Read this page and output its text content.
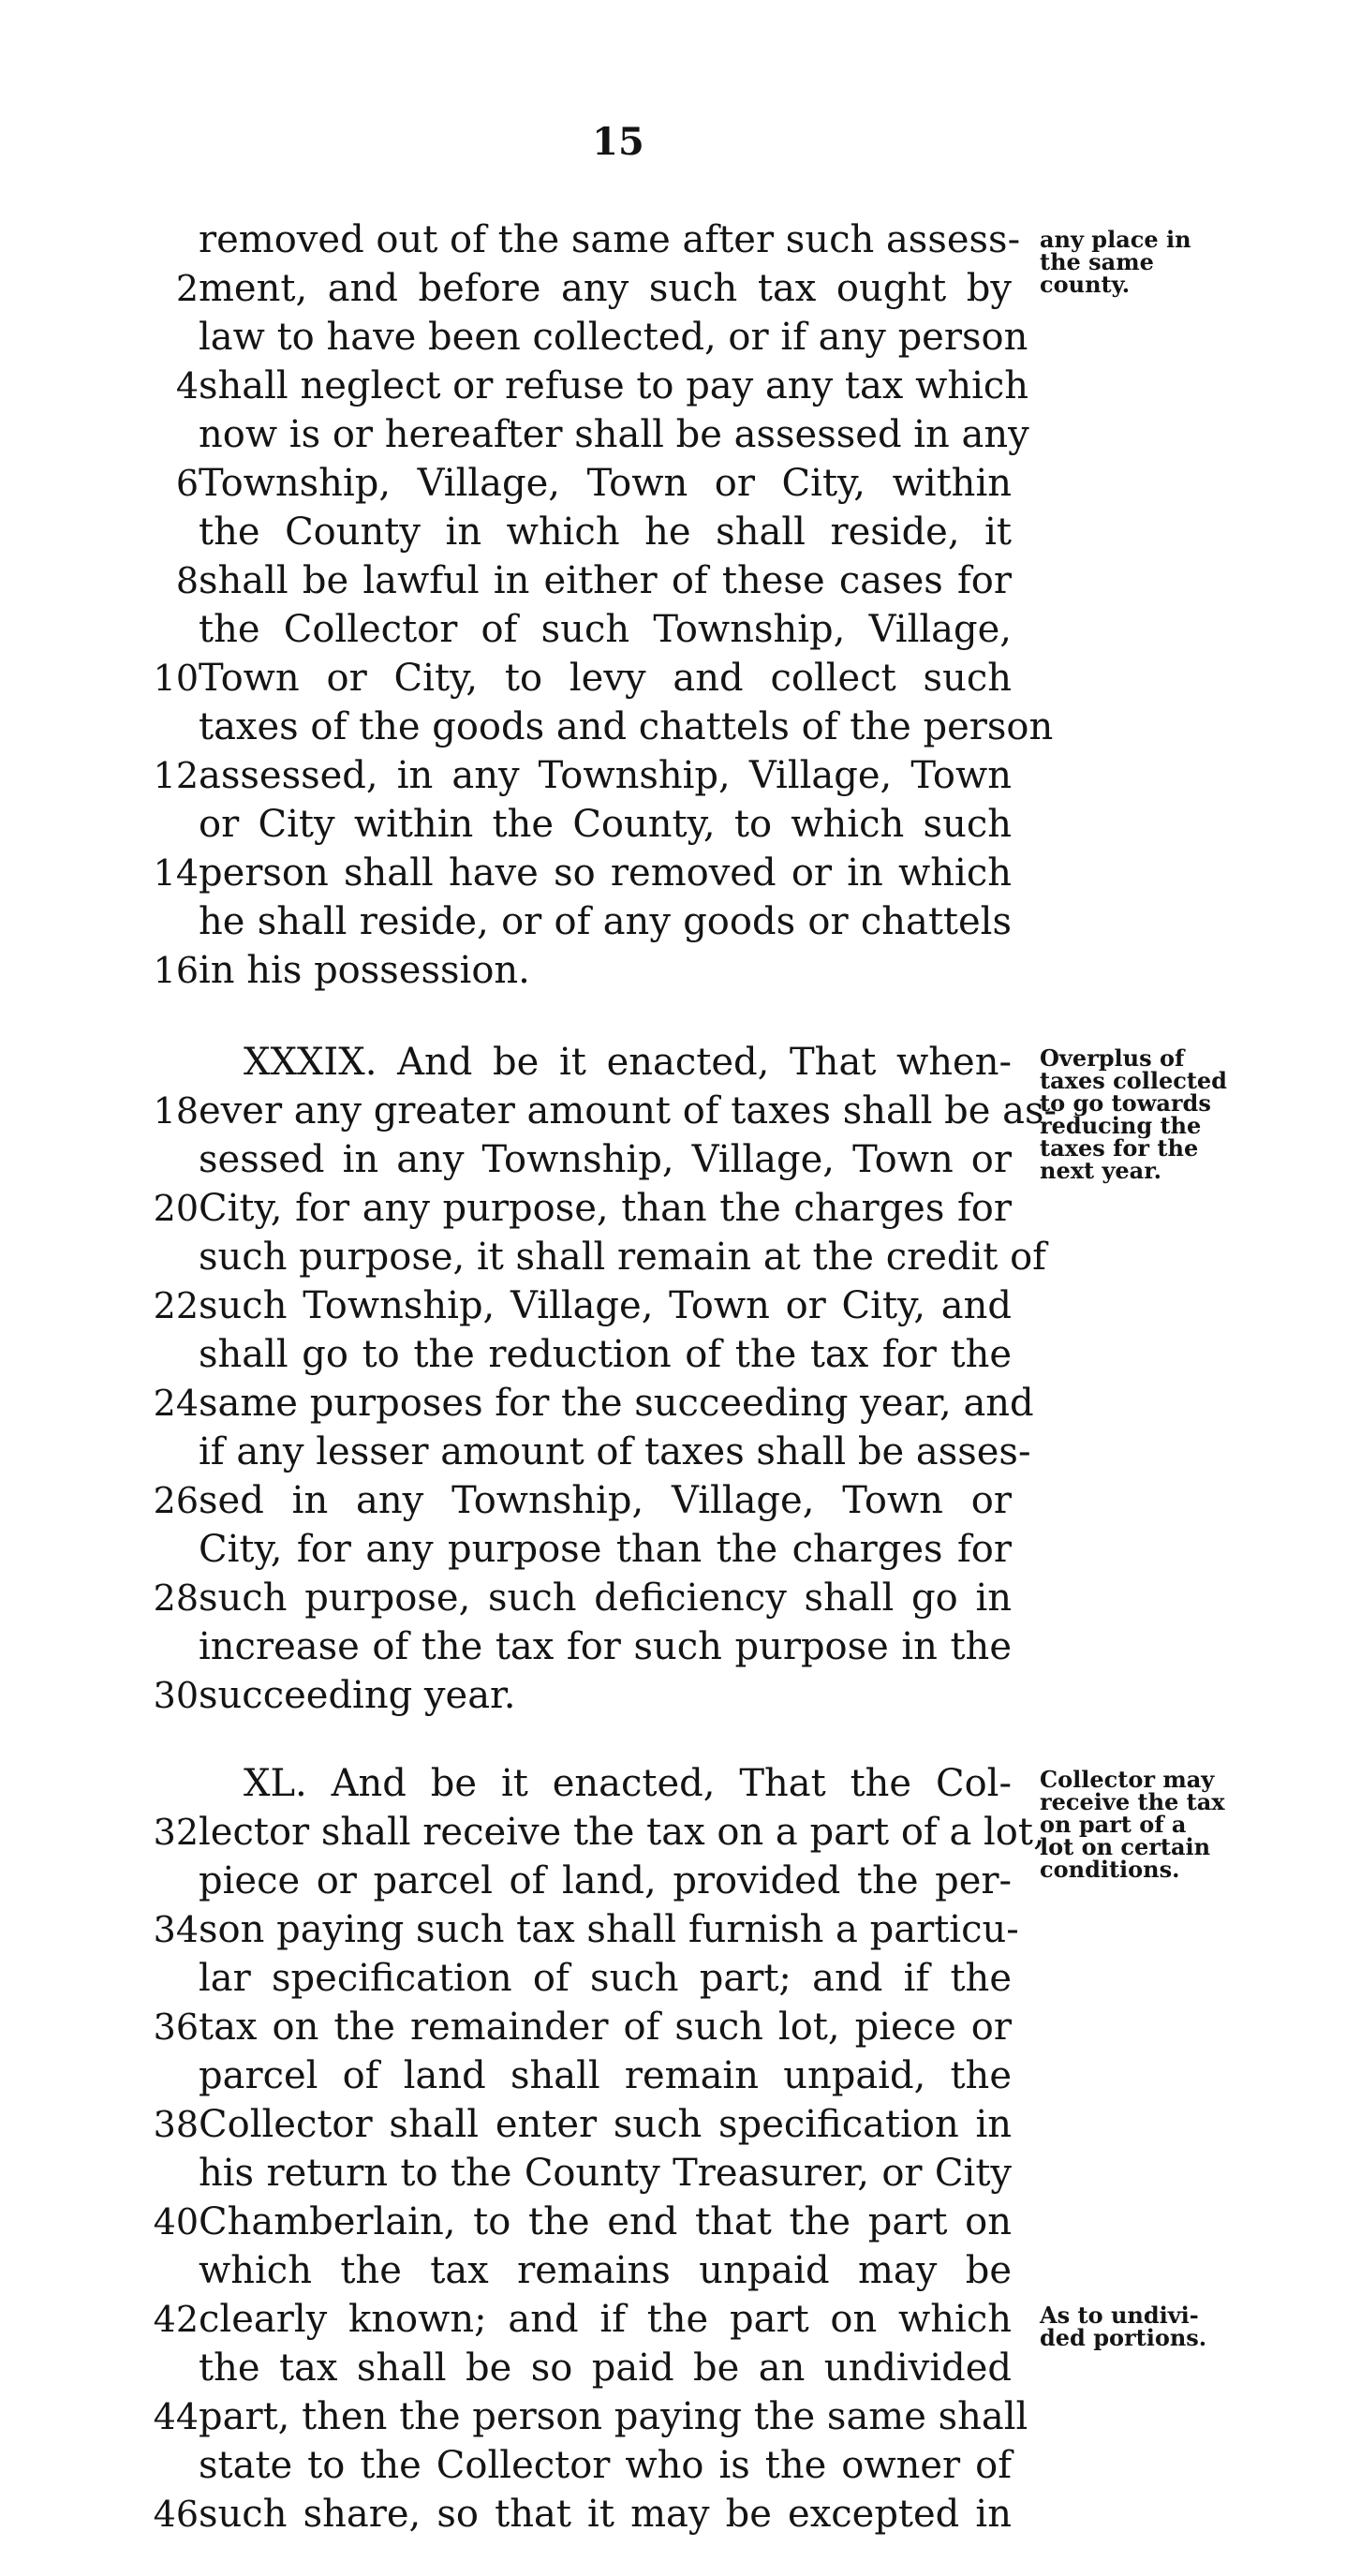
15
removed out of the same after such assess-
2 ment, and before any such tax ought by
law to have been collected, or if any person
4 shall neglect or refuse to pay any tax which
now is or hereafter shall be assessed in any
6 Township, Village, Town or City, within
the County in which he shall reside, it
8 shall be lawful in either of these cases for
the Collector of such Township, Village,
10 Town or City, to levy and collect such
taxes of the goods and chattels of the person
12 assessed, in any Township, Village, Town
or City within the County, to which such
14 person shall have so removed or in which
he shall reside, or of any goods or chattels
16 in his possession.
any place in
the same
county.
XXXIX. And be it enacted, That when-
18 ever any greater amount of taxes shall be as-
sessed in any Township, Village, Town or
20 City, for any purpose, than the charges for
such purpose, it shall remain at the credit of
22 such Township, Village, Town or City, and
shall go to the reduction of the tax for the
24 same purposes for the succeeding year, and
if any lesser amount of taxes shall be asses-
26 sed in any Township, Village, Town or
City, for any purpose than the charges for
28 such purpose, such deficiency shall go in
increase of the tax for such purpose in the
30 succeeding year.
Overplus of
taxes collected
to go towards
reducing the
taxes for the
next year.
XL. And be it enacted, That the Col-
32 lector shall receive the tax on a part of a lot,
piece or parcel of land, provided the per-
34 son paying such tax shall furnish a particu-
lar specification of such part; and if the
36 tax on the remainder of such lot, piece or
parcel of land shall remain unpaid, the
38 Collector shall enter such specification in
his return to the County Treasurer, or City
40 Chamberlain, to the end that the part on
which the tax remains unpaid may be
42 clearly known; and if the part on which
the tax shall be so paid be an undivided
44 part, then the person paying the same shall
state to the Collector who is the owner of
46 such share, so that it may be excepted in
Collector may
receive the tax
on part of a
lot on certain
conditions.
As to undivi-
ded portions.
